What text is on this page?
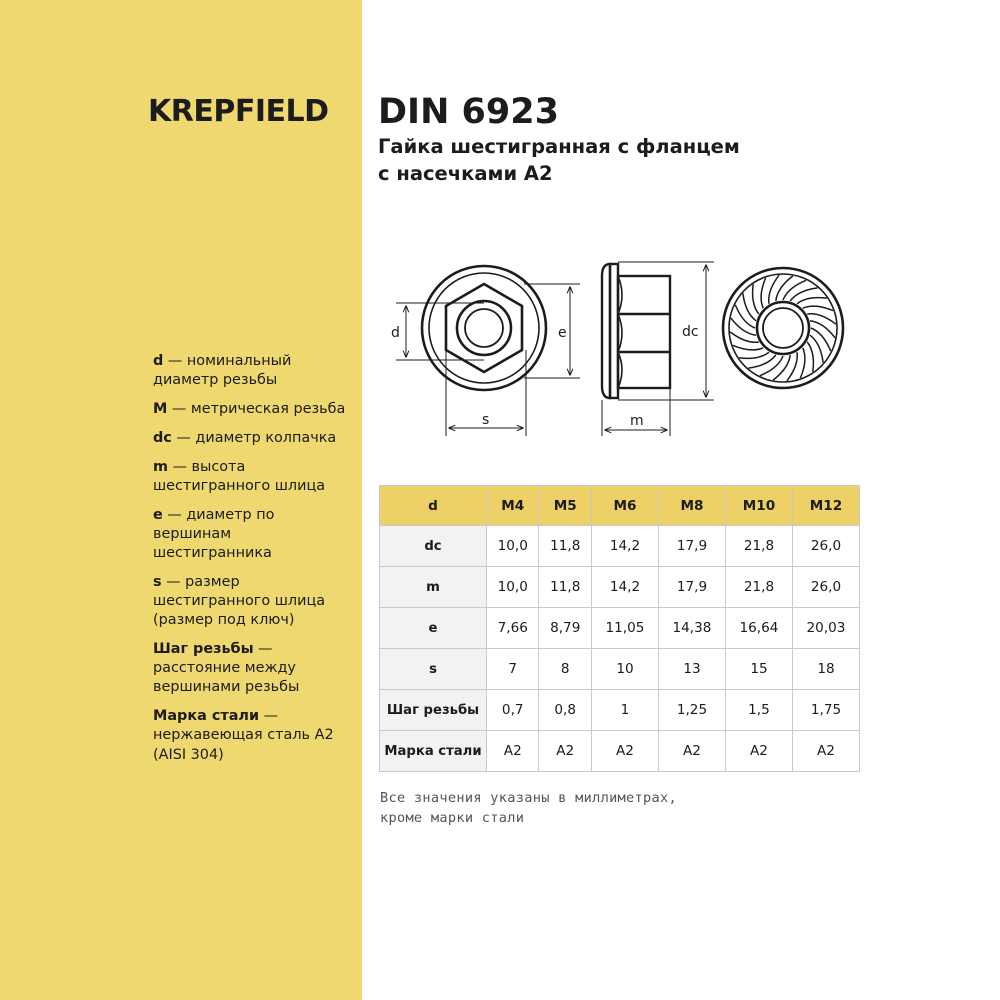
KREPFIELD DIN 6923
Гайка шестигранная с фланцем
с насечками А2
d — номинальный диаметр резьбы
M — метрическая резьба
dc — диаметр колпачка
m — высота шестигранного шлица
e — диаметр по вершинам шестигранника
s — размер шестигранного шлица (размер под ключ)
Шаг резьбы — расстояние между вершинами резьбы
Марка стали — нержавеющая сталь А2 (AISI 304)
d	e
s
dc
m
d	M4	M5	M6	M8	M10	M12
dc	10,0	11,8	14,2	17,9	21,8	26,0
m	10,0	11,8	14,2	17,9	21,8	26,0
e	7,66	8,79	11,05	14,38	16,64	20,03
s	7	8	10	13	15	18
Шаг резьбы	0,7	0,8	1	1,25	1,5	1,75
Марка стали	А2	А2	А2	А2	А2	А2
Все значения указаны в миллиметрах,
кроме марки стали
